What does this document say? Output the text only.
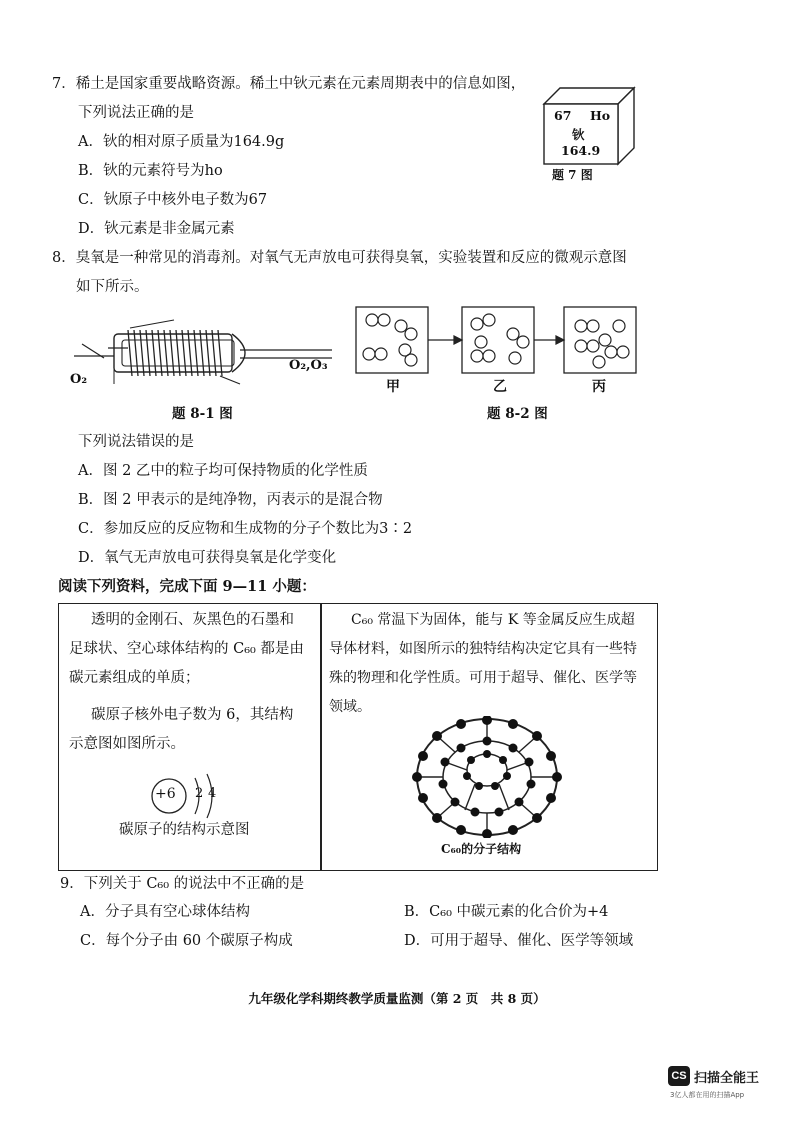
7．稀土是国家重要战略资源。稀土中钬元素在元素周期表中的信息如图，
下列说法正确的是
A．钬的相对原子质量为164.9g
B．钬的元素符号为ho
C．钬原子中核外电子数为67
D．钬元素是非金属元素
67 Ho
钬
164.9
题 7 图
8．臭氧是一种常见的消毒剂。对氧气无声放电可获得臭氧，实验装置和反应的微观示意图
如下所示。
O₂
O₂,O₃
题 8-1 图
甲	乙	丙
题 8-2 图
下列说法错误的是
A．图 2 乙中的粒子均可保持物质的化学性质
B．图 2 甲表示的是纯净物，丙表示的是混合物
C．参加反应的反应物和生成物的分子个数比为3∶2
D．氧气无声放电可获得臭氧是化学变化
阅读下列资料，完成下面 9—11 小题：
透明的金刚石、灰黑色的石墨和
足球状、空心球体结构的 C₆₀ 都是由
碳元素组成的单质；
碳原子核外电子数为 6，其结构
示意图如图所示。
+6 2 4
碳原子的结构示意图
C₆₀ 常温下为固体，能与 K 等金属反应生成超
导体材料，如图所示的独特结构决定它具有一些特
殊的物理和化学性质。可用于超导、催化、医学等
领域。
C₆₀的分子结构
9．下列关于 C₆₀ 的说法中不正确的是
A．分子具有空心球体结构	B．C₆₀ 中碳元素的化合价为+4
C．每个分子由 60 个碳原子构成	D．可用于超导、催化、医学等领域
九年级化学科期终教学质量监测（第 2 页　共 8 页）
CS 扫描全能王
3亿人都在用的扫描App
